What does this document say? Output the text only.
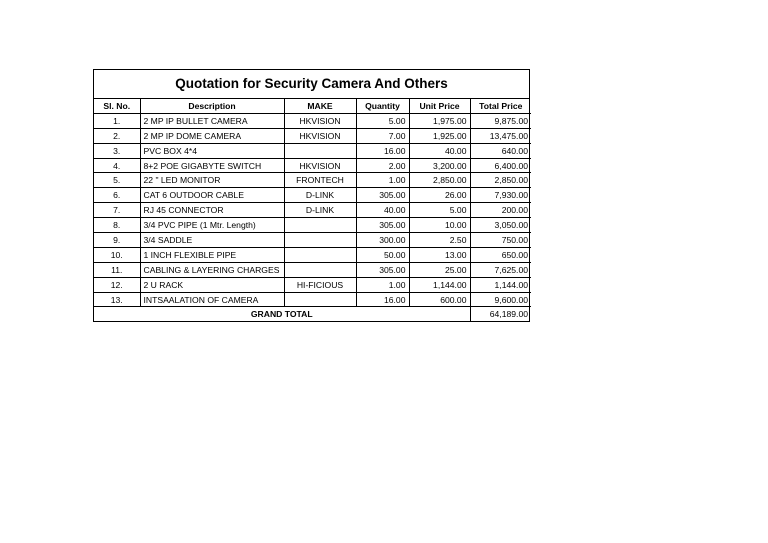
Quotation for Security Camera And Others
Sl. No.	Description	MAKE	Quantity	Unit Price	Total Price
1.	2 MP IP BULLET CAMERA	HKVISION	5.00	1,975.00	9,875.00
2.	2 MP IP DOME CAMERA	HKVISION	7.00	1,925.00	13,475.00
3.	PVC BOX 4*4		16.00	40.00	640.00
4.	8+2 POE GIGABYTE SWITCH	HKVISION	2.00	3,200.00	6,400.00
5.	22 " LED MONITOR	FRONTECH	1.00	2,850.00	2,850.00
6.	CAT 6 OUTDOOR CABLE	D-LINK	305.00	26.00	7,930.00
7.	RJ 45 CONNECTOR	D-LINK	40.00	5.00	200.00
8.	3/4 PVC PIPE (1 Mtr. Length)		305.00	10.00	3,050.00
9.	3/4 SADDLE		300.00	2.50	750.00
10.	1 INCH FLEXIBLE PIPE		50.00	13.00	650.00
11.	CABLING & LAYERING CHARGES		305.00	25.00	7,625.00
12.	2 U RACK	HI-FICIOUS	1.00	1,144.00	1,144.00
13.	INTSAALATION OF CAMERA		16.00	600.00	9,600.00
GRAND TOTAL					64,189.00
